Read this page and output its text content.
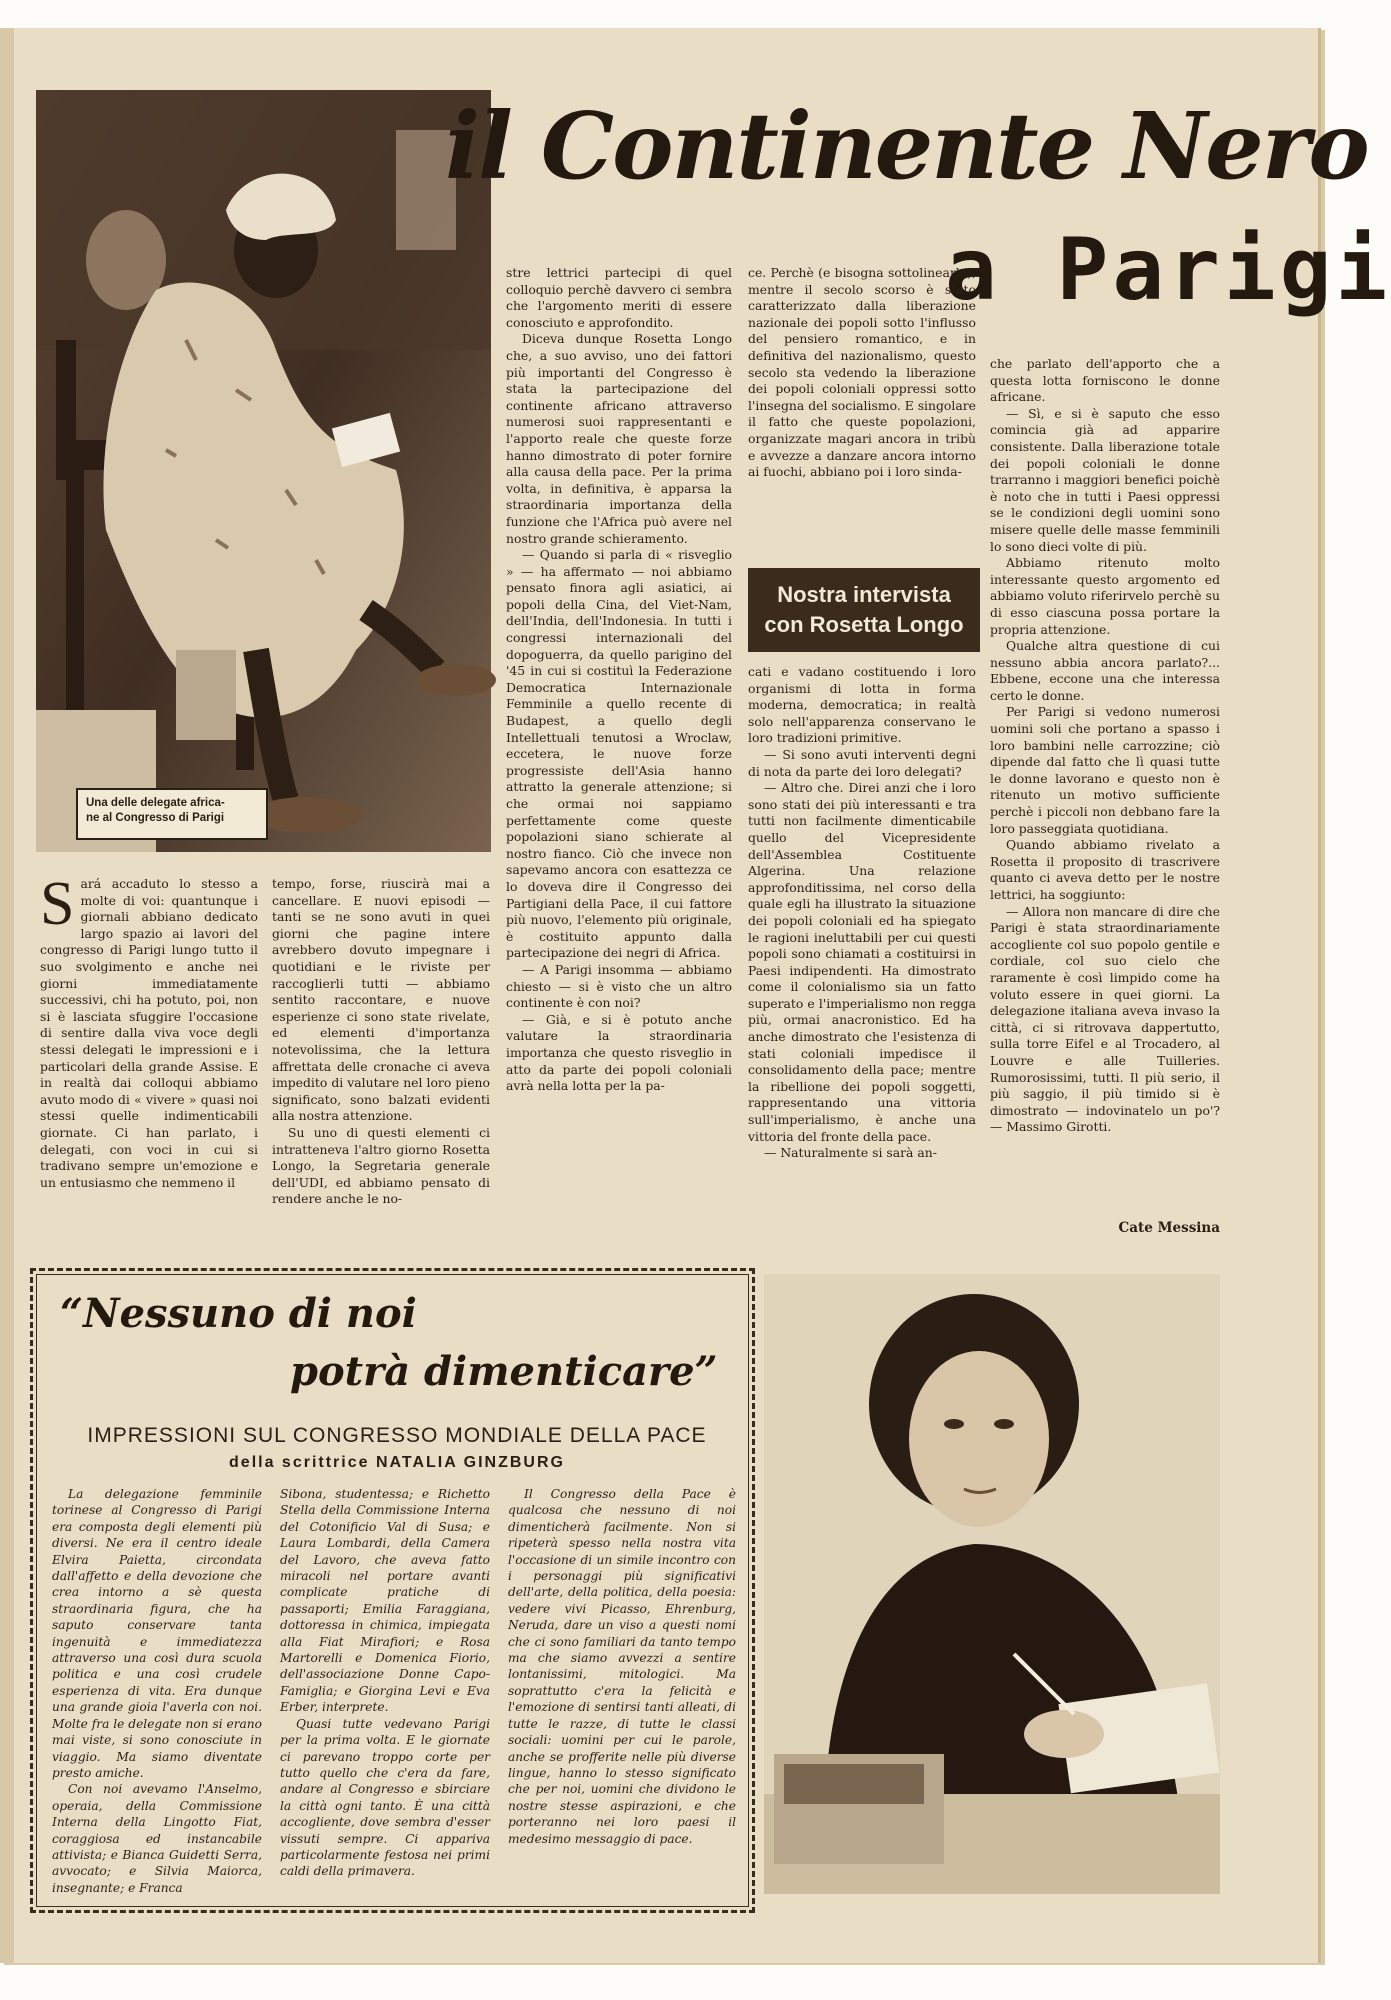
Una delle delegate africa-
ne al Congresso di Parigi
il Continente Nero
a Parigi
S ará accaduto lo stesso a molte di voi: quantunque i giornali abbiano dedicato largo spazio ai lavori del congresso di Parigi lungo tutto il suo svolgimento e anche nei giorni immediatamente successivi, chi ha potuto, poi, non si è lasciata sfuggire l'occasione di sentire dalla viva voce degli stessi delegati le impressioni e i particolari della grande Assise. E in realtà dai colloqui abbiamo avuto modo di « vivere » quasi noi stessi quelle indimenticabili giornate. Ci han parlato, i delegati, con voci in cui si tradivano sempre un'emozione e un entusiasmo che nemmeno il

tempo, forse, riuscirà mai a cancellare. E nuovi episodi — tanti se ne sono avuti in quei giorni che pagine intere avrebbero dovuto impegnare i quotidiani e le riviste per raccoglierli tutti — abbiamo sentito raccontare, e nuove esperienze ci sono state rivelate, ed elementi d'importanza notevolissima, che la lettura affrettata delle cronache ci aveva impedito di valutare nel loro pieno significato, sono balzati evidenti alla nostra attenzione.

Su uno di questi elementi ci intratteneva l'altro giorno Rosetta Longo, la Segretaria generale dell'UDI, ed abbiamo pensato di rendere anche le no-

stre lettrici partecipi di quel colloquio perchè davvero ci sembra che l'argomento meriti di essere conosciuto e approfondito.

Diceva dunque Rosetta Longo che, a suo avviso, uno dei fattori più importanti del Congresso è stata la partecipazione del continente africano attraverso numerosi suoi rappresentanti e l'apporto reale che queste forze hanno dimostrato di poter fornire alla causa della pace. Per la prima volta, in definitiva, è apparsa la straordinaria importanza della funzione che l'Africa può avere nel nostro grande schieramento.

— Quando si parla di « risveglio » — ha affermato — noi abbiamo pensato finora agli asiatici, ai popoli della Cina, del Viet-Nam, dell'India, dell'Indonesia. In tutti i congressi internazionali del dopoguerra, da quello parigino del '45 in cui si costituì la Federazione Democratica Internazionale Femminile a quello recente di Budapest, a quello degli Intellettuali tenutosi a Wroclaw, eccetera, le nuove forze progressiste dell'Asia hanno attratto la generale attenzione; si che ormai noi sappiamo perfettamente come queste popolazioni siano schierate al nostro fianco. Ciò che invece non sapevamo ancora con esattezza ce lo doveva dire il Congresso dei Partigiani della Pace, il cui fattore più nuovo, l'elemento più originale, è costituito appunto dalla partecipazione dei negri di Africa.

— A Parigi insomma — abbiamo chiesto — si è visto che un altro continente è con noi?

— Già, e si è potuto anche valutare la straordinaria importanza che questo risveglio in atto da parte dei popoli coloniali avrà nella lotta per la pa-

ce. Perchè (e bisogna sottolinearlo), mentre il secolo scorso è stato caratterizzato dalla liberazione nazionale dei popoli sotto l'influsso del pensiero romantico, e in definitiva del nazionalismo, questo secolo sta vedendo la liberazione dei popoli coloniali oppressi sotto l'insegna del socialismo. E singolare il fatto che queste popolazioni, organizzate magari ancora in tribù e avvezze a danzare ancora intorno ai fuochi, abbiano poi i loro sinda-

Nostra intervista
con Rosetta Longo

cati e vadano costituendo i loro organismi di lotta in forma moderna, democratica; in realtà solo nell'apparenza conservano le loro tradizioni primitive.

— Si sono avuti interventi degni di nota da parte dei loro delegati?

— Altro che. Direi anzi che i loro sono stati dei più interessanti e tra tutti non facilmente dimenticabile quello del Vicepresidente dell'Assemblea Costituente Algerina. Una relazione approfonditissima, nel corso della quale egli ha illustrato la situazione dei popoli coloniali ed ha spiegato le ragioni ineluttabili per cui questi popoli sono chiamati a costituirsi in Paesi indipendenti. Ha dimostrato come il colonialismo sia un fatto superato e l'imperialismo non regga più, ormai anacronistico. Ed ha anche dimostrato che l'esistenza di stati coloniali impedisce il consolidamento della pace; mentre la ribellione dei popoli soggetti, rappresentando una vittoria sull'imperialismo, è anche una vittoria del fronte della pace.

— Naturalmente si sarà an-

che parlato dell'apporto che a questa lotta forniscono le donne africane.

— Sì, e si è saputo che esso comincia già ad apparire consistente. Dalla liberazione totale dei popoli coloniali le donne trarranno i maggiori benefici poichè è noto che in tutti i Paesi oppressi se le condizioni degli uomini sono misere quelle delle masse femminili lo sono dieci volte di più.

Abbiamo ritenuto molto interessante questo argomento ed abbiamo voluto riferirvelo perchè su di esso ciascuna possa portare la propria attenzione.

Qualche altra questione di cui nessuno abbia ancora parlato?... Ebbene, eccone una che interessa certo le donne.

Per Parigi si vedono numerosi uomini soli che portano a spasso i loro bambini nelle carrozzine; ciò dipende dal fatto che lì quasi tutte le donne lavorano e questo non è ritenuto un motivo sufficiente perchè i piccoli non debbano fare la loro passeggiata quotidiana.

Quando abbiamo rivelato a Rosetta il proposito di trascrivere quanto ci aveva detto per le nostre lettrici, ha soggiunto:

— Allora non mancare di dire che Parigi è stata straordinariamente accogliente col suo popolo gentile e cordiale, col suo cielo che raramente è così limpido come ha voluto essere in quei giorni. La delegazione italiana aveva invaso la città, ci si ritrovava dappertutto, sulla torre Eifel e al Trocadero, al Louvre e alle Tuilleries. Rumorosissimi, tutti. Il più serio, il più saggio, il più timido si è dimostrato — indovinatelo un po'? — Massimo Girotti.

Cate Messina
“Nessuno di noi
potrà dimenticare”
IMPRESSIONI SUL CONGRESSO MONDIALE DELLA PACE
della scrittrice NATALIA GINZBURG

La delegazione femminile torinese al Congresso di Parigi era composta degli elementi più diversi. Ne era il centro ideale Elvira Paietta, circondata dall'affetto e della devozione che crea intorno a sè questa straordinaria figura, che ha saputo conservare tanta ingenuità e immediatezza attraverso una così dura scuola politica e una così crudele esperienza di vita. Era dunque una grande gioia l'averla con noi. Molte fra le delegate non si erano mai viste, si sono conosciute in viaggio. Ma siamo diventate presto amiche.

Con noi avevamo l'Anselmo, operaia, della Commissione Interna della Lingotto Fiat, coraggiosa ed instancabile attivista; e Bianca Guidetti Serra, avvocato; e Silvia Maiorca, insegnante; e Franca

Sibona, studentessa; e Richetto Stella della Commissione Interna del Cotonificio Val di Susa; e Laura Lombardi, della Camera del Lavoro, che aveva fatto miracoli nel portare avanti complicate pratiche di passaporti; Emilia Faraggiana, dottoressa in chimica, impiegata alla Fiat Mirafiori; e Rosa Martorelli e Domenica Fiorio, dell'associazione Donne Capo-Famiglia; e Giorgina Levi e Eva Erber, interprete.

Quasi tutte vedevano Parigi per la prima volta. E le giornate ci parevano troppo corte per tutto quello che c'era da fare, andare al Congresso e sbirciare la città ogni tanto. È una città accogliente, dove sembra d'esser vissuti sempre. Ci appariva particolarmente festosa nei primi caldi della primavera.

Il Congresso della Pace è qualcosa che nessuno di noi dimenticherà facilmente. Non si ripeterà spesso nella nostra vita l'occasione di un simile incontro con i personaggi più significativi dell'arte, della politica, della poesia: vedere vivi Picasso, Ehrenburg, Neruda, dare un viso a questi nomi che ci sono familiari da tanto tempo ma che siamo avvezzi a sentire lontanissimi, mitologici. Ma soprattutto c'era la felicità e l'emozione di sentirsi tanti alleati, di tutte le razze, di tutte le classi sociali: uomini per cui le parole, anche se profferite nelle più diverse lingue, hanno lo stesso significato che per noi, uomini che dividono le nostre stesse aspirazioni, e che porteranno nei loro paesi il medesimo messaggio di pace.
